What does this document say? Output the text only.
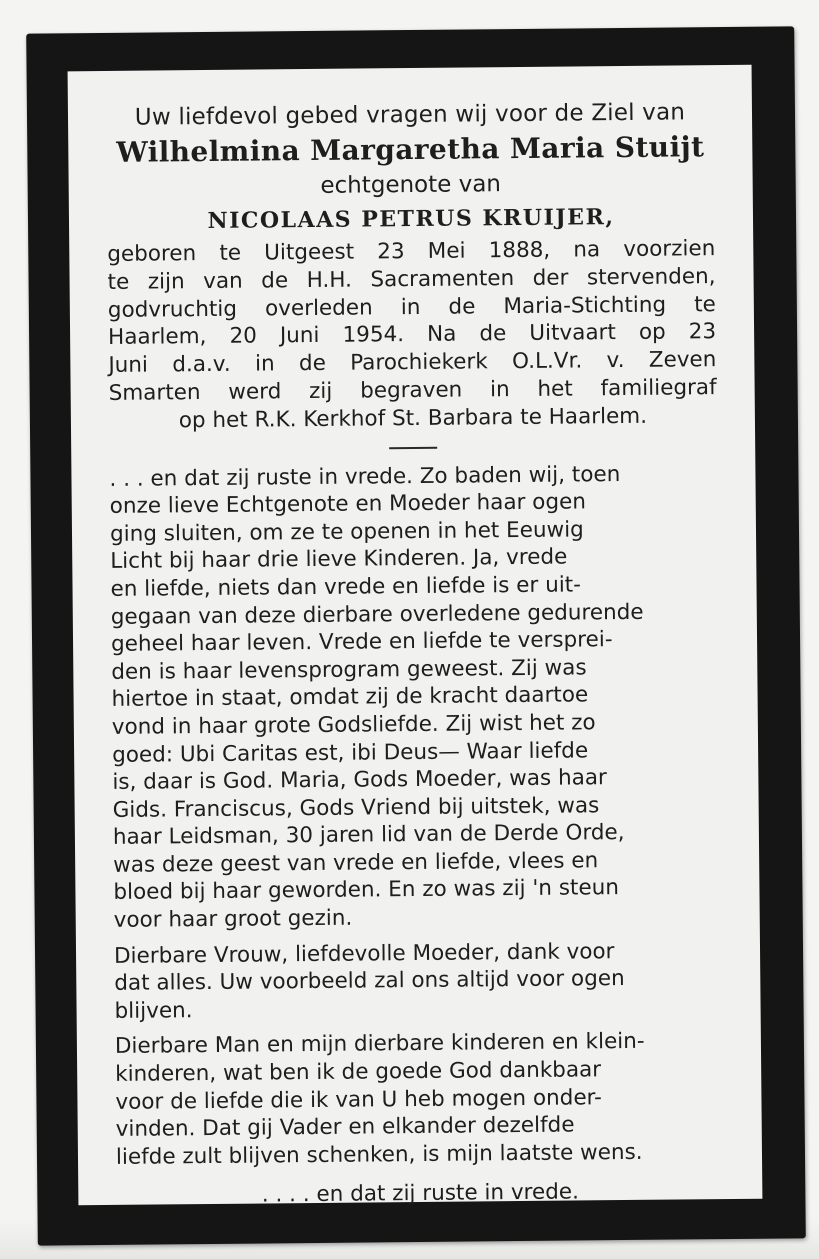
Uw liefdevol gebed vragen wij voor de Ziel van

Wilhelmina Margaretha Maria Stuijt

echtgenote van

NICOLAAS PETRUS KRUIJER,

geboren te Uitgeest 23 Mei 1888, na voorzien
te zijn van de H.H. Sacramenten der stervenden,
godvruchtig overleden in de Maria-Stichting te
Haarlem, 20 Juni 1954. Na de Uitvaart op 23
Juni d.a.v. in de Parochiekerk O.L.Vr. v. Zeven
Smarten werd zij begraven in het familiegraf
op het R.K. Kerkhof St. Barbara te Haarlem.

. . . en dat zij ruste in vrede. Zo baden wij, toen
onze lieve Echtgenote en Moeder haar ogen
ging sluiten, om ze te openen in het Eeuwig
Licht bij haar drie lieve Kinderen. Ja, vrede
en liefde, niets dan vrede en liefde is er uit-
gegaan van deze dierbare overledene gedurende
geheel haar leven. Vrede en liefde te versprei-
den is haar levensprogram geweest. Zij was
hiertoe in staat, omdat zij de kracht daartoe
vond in haar grote Godsliefde. Zij wist het zo
goed: Ubi Caritas est, ibi Deus— Waar liefde
is, daar is God. Maria, Gods Moeder, was haar
Gids. Franciscus, Gods Vriend bij uitstek, was
haar Leidsman, 30 jaren lid van de Derde Orde,
was deze geest van vrede en liefde, vlees en
bloed bij haar geworden. En zo was zij 'n steun
voor haar groot gezin.

Dierbare Vrouw, liefdevolle Moeder, dank voor
dat alles. Uw voorbeeld zal ons altijd voor ogen
blijven.

Dierbare Man en mijn dierbare kinderen en klein-
kinderen, wat ben ik de goede God dankbaar
voor de liefde die ik van U heb mogen onder-
vinden. Dat gij Vader en elkander dezelfde
liefde zult blijven schenken, is mijn laatste wens.

. . . . en dat zij ruste in vrede.
